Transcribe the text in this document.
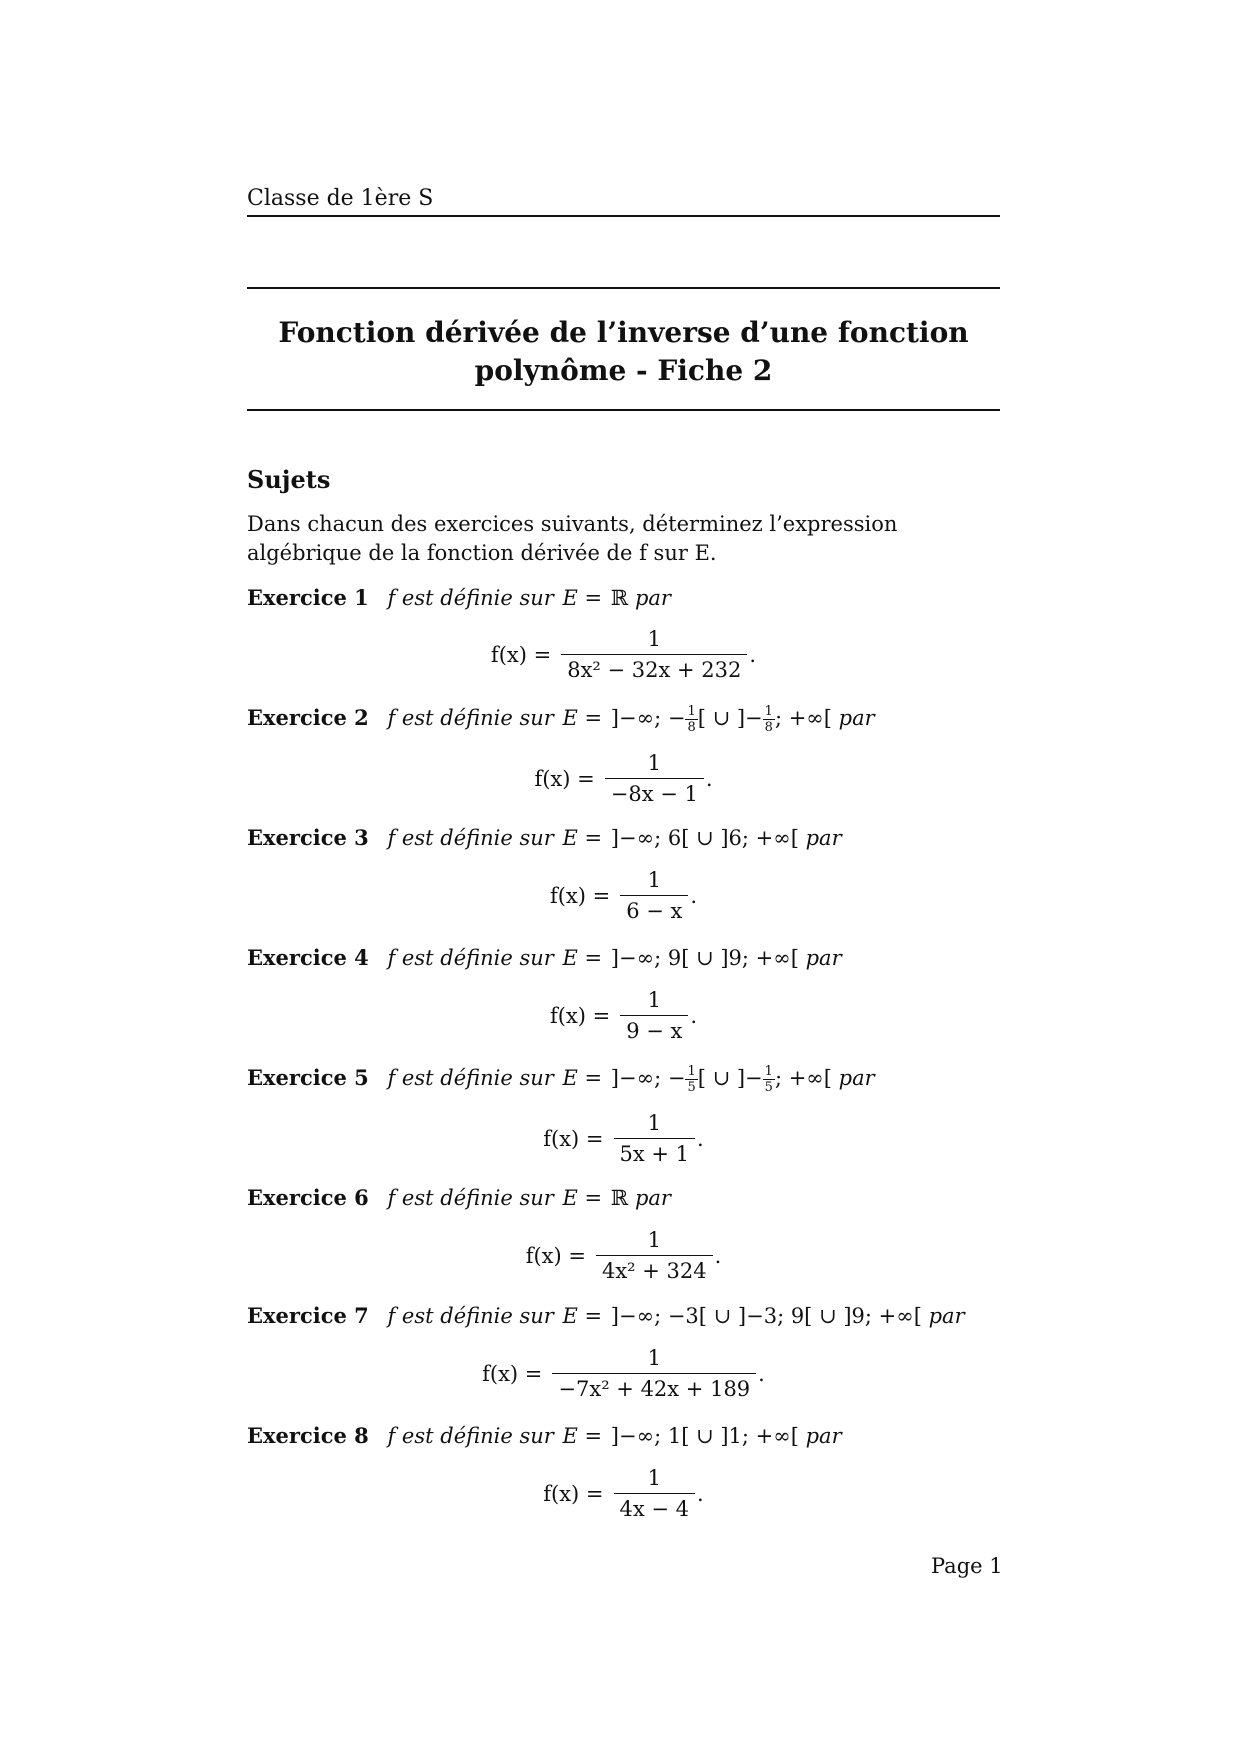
Classe de 1ère S
Fonction dérivée de l’inverse d’une fonction
polynôme - Fiche 2
Sujets
Dans chacun des exercices suivants, déterminez l’expression algébrique de la fonction dérivée de f sur E.
Exercice 1 f est définie sur E = ℝ par
$f(x) = \frac{1}{\text{8x² − 32x + 232}}$ .
Exercice 2 f est définie sur E = ]−∞; − $\frac{1}{8}$ [ ∪ ]− $\frac{1}{8}$ ; +∞[ par
$f(x) = \frac{1}{-8x - 1}$ .
Exercice 3 f est définie sur E = ]−∞; 6[ ∪ ]6; +∞[ par
$f(x) = \frac{1}{6 - x}$ .
Exercice 4 f est définie sur E = ]−∞; 9[ ∪ ]9; +∞[ par
$f(x) = \frac{1}{9 - x}$ .
Exercice 5 f est définie sur E = ]−∞; − $\frac{1}{5}$ [ ∪ ]− $\frac{1}{5}$ ; +∞[ par
$f(x) = \frac{1}{5x + 1}$ .
Exercice 6 f est définie sur E = ℝ par
$f(x) = \frac{1}{\text{4x² + 324}}$ .
Exercice 7 f est définie sur E = ]−∞; −3[ ∪ ]−3; 9[ ∪ ]9; +∞[ par
$f(x) = \frac{1}{\text{−7x² + 42x + 189}}$ .
Exercice 8 f est définie sur E = ]−∞; 1[ ∪ ]1; +∞[ par
$f(x) = \frac{1}{4x - 4}$ .
Page 1
